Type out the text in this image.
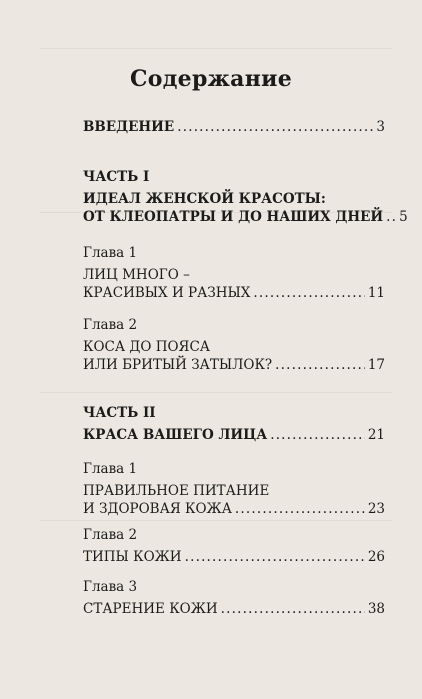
Содержание
ВВЕДЕНИЕ .....	3
ЧАСТЬ I
ИДЕАЛ ЖЕНСКОЙ КРАСОТЫ:
ОТ КЛЕОПАТРЫ И ДО НАШИХ ДНЕЙ ..... 5
Глава 1
ЛИЦ МНОГО –
КРАСИВЫХ И РАЗНЫХ .....	11
Глава 2
КОСА ДО ПОЯСА
ИЛИ БРИТЫЙ ЗАТЫЛОК? .....	17
ЧАСТЬ II
КРАСА ВАШЕГО ЛИЦА .....	21
Глава 1
ПРАВИЛЬНОЕ ПИТАНИЕ
И ЗДОРОВАЯ КОЖА .....	23
Глава 2
ТИПЫ КОЖИ .....	26
Глава 3
СТАРЕНИЕ КОЖИ .....	38
